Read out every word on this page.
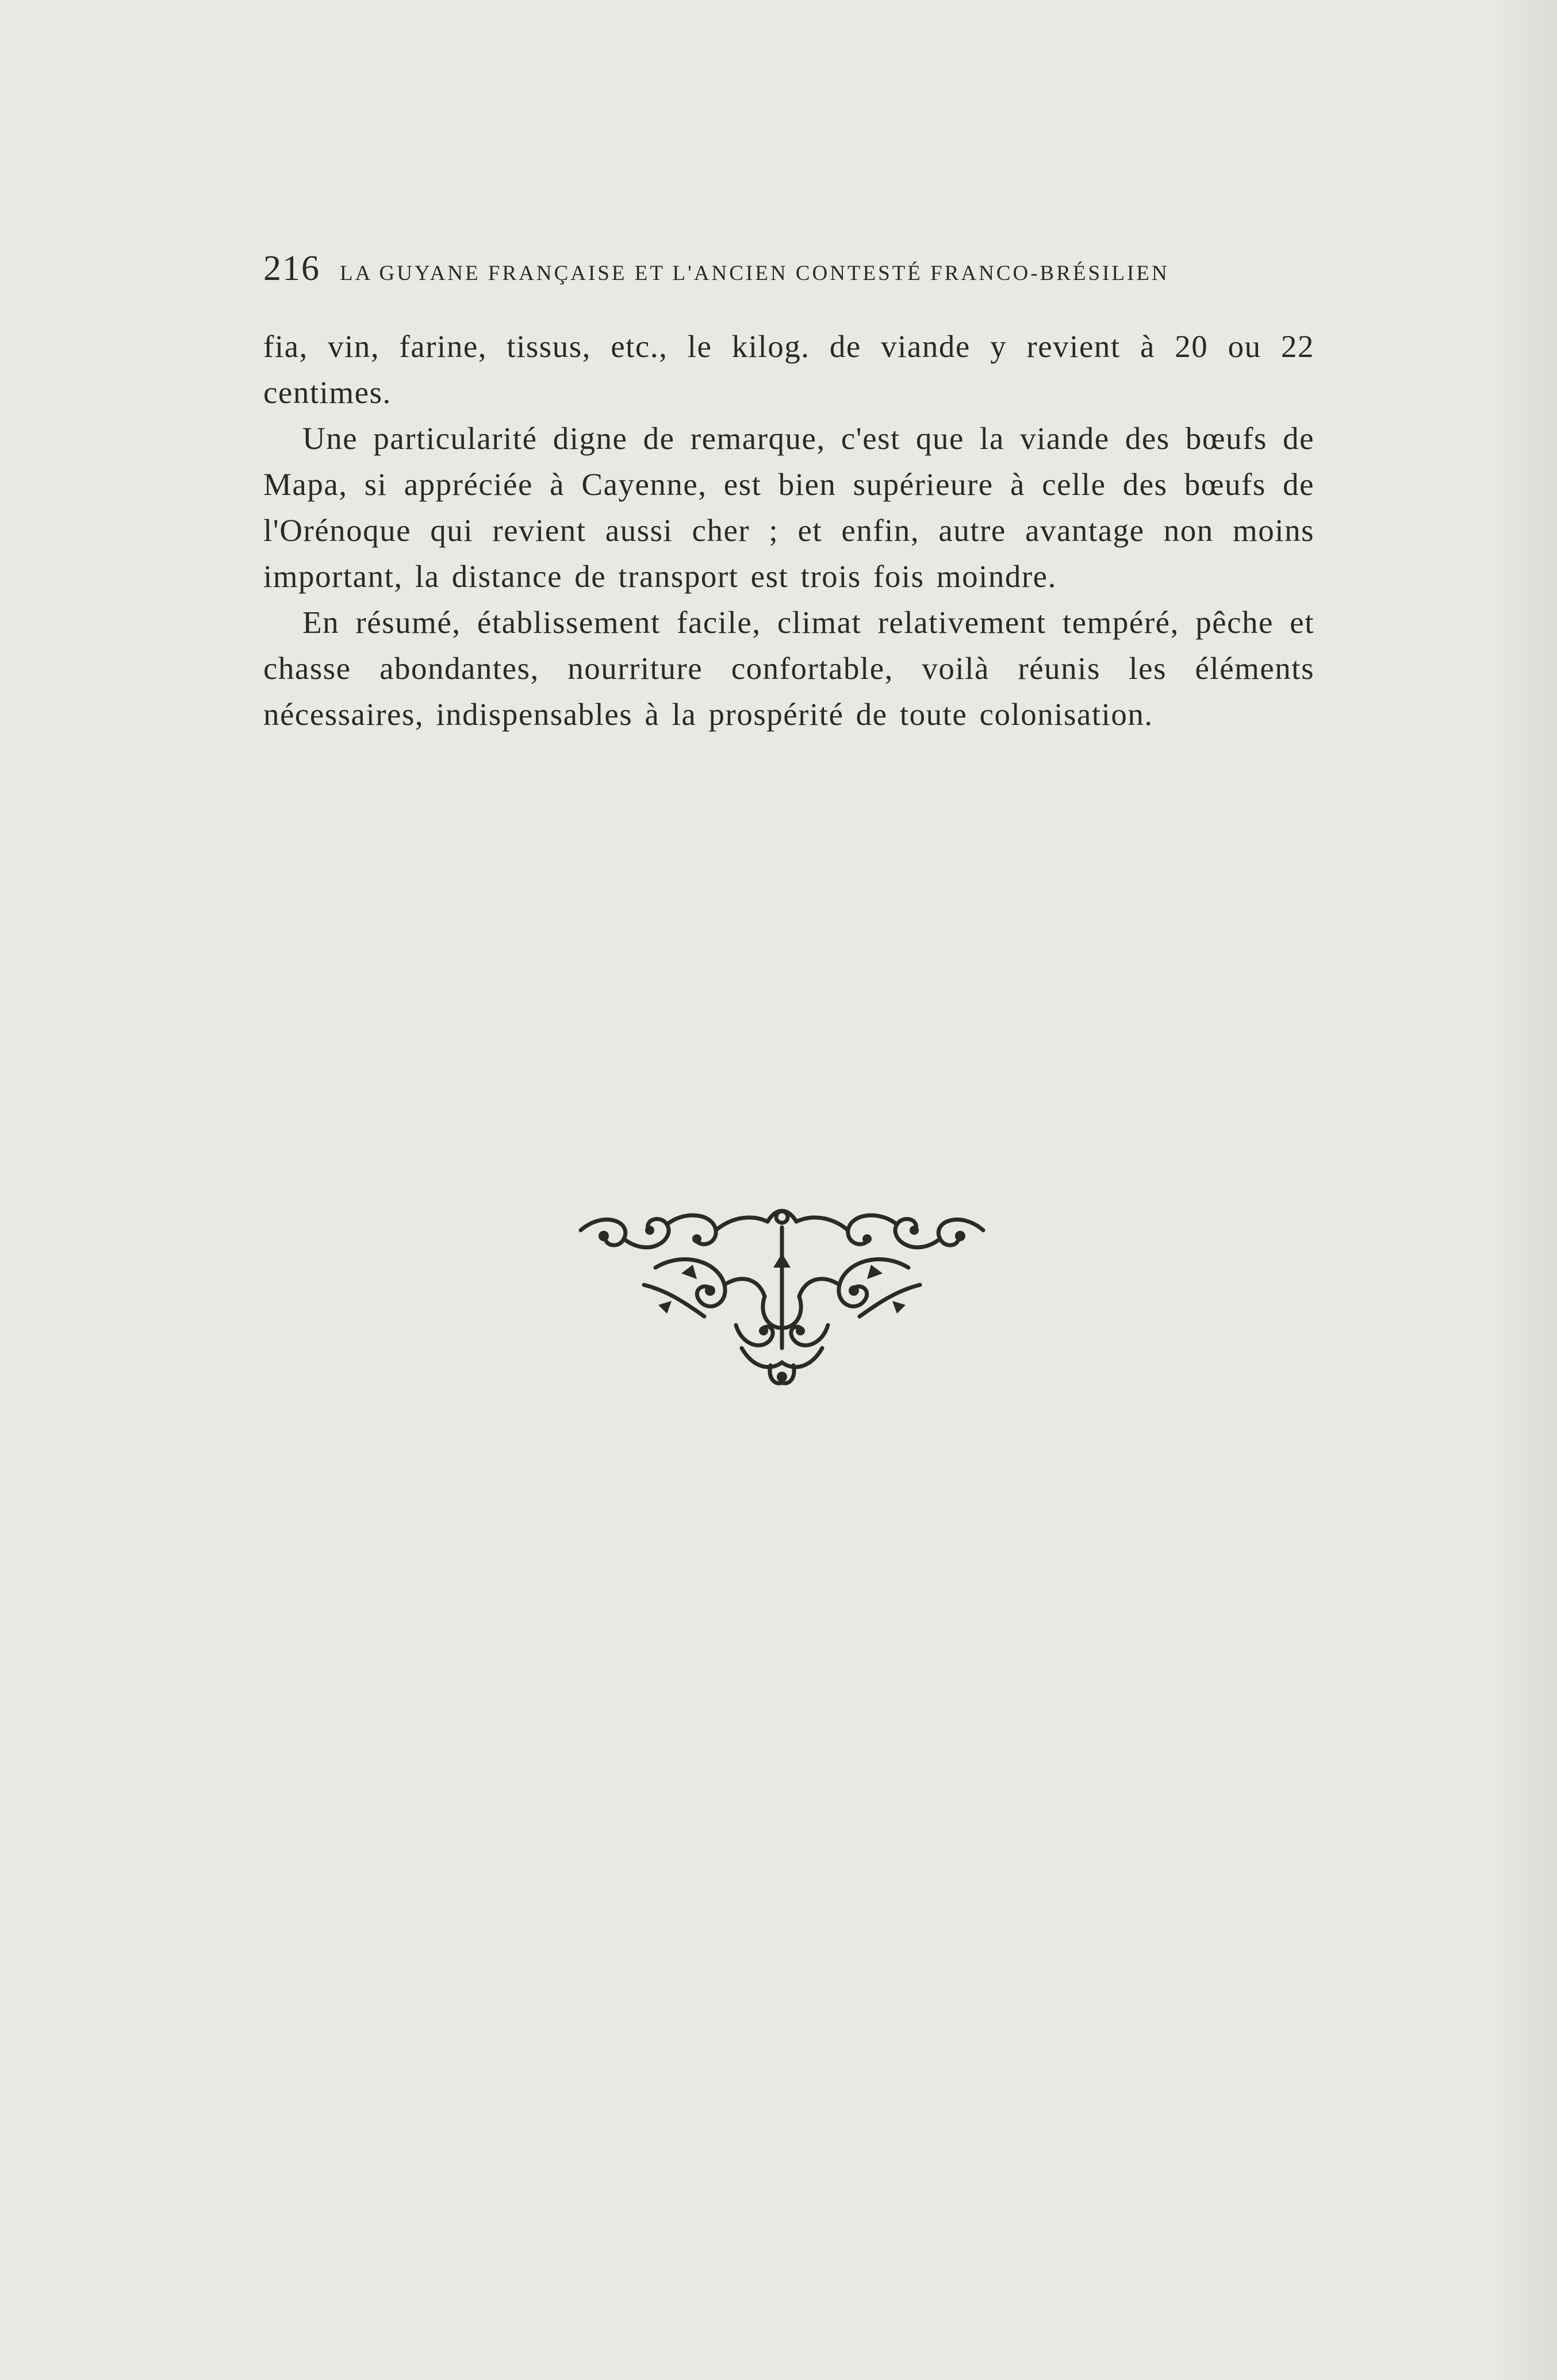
216 LA GUYANE FRANÇAISE ET L'ANCIEN CONTESTÉ FRANCO-BRÉSILIEN

fia, vin, farine, tissus, etc., le kilog. de viande y revient à 20 ou 22 centimes.

Une particularité digne de remarque, c'est que la viande des bœufs de Mapa, si appréciée à Cayenne, est bien supérieure à celle des bœufs de l'Orénoque qui revient aussi cher ; et enfin, autre avantage non moins important, la distance de transport est trois fois moindre.

En résumé, établissement facile, climat relativement tempéré, pêche et chasse abondantes, nourriture confortable, voilà réunis les éléments nécessaires, indispensables à la prospérité de toute colonisation.
